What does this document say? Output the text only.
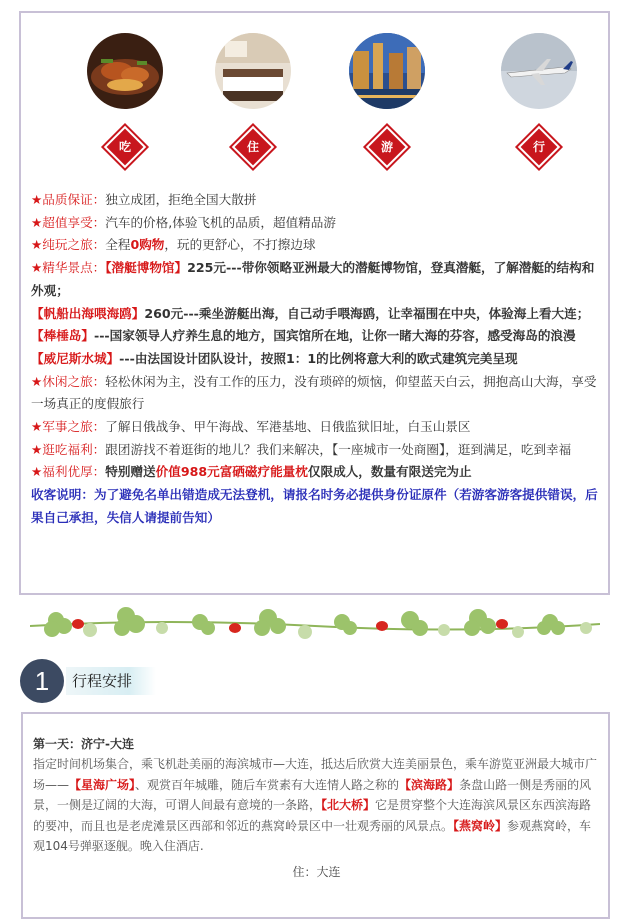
吃	住	游	行

★品质保证：独立成团，拒绝全国大散拼

★超值享受：汽车的价格,体验飞机的品质，超值精品游

★纯玩之旅：全程0购物，玩的更舒心，不打擦边球

★精华景点：【潜艇博物馆】225元---带你领略亚洲最大的潜艇博物馆，登真潜艇，了解潜艇的结构和外观；

【帆船出海喂海鸥】260元---乘坐游艇出海，自己动手喂海鸥，让幸福围在中央，体验海上看大连；

【棒棰岛】---国家领导人疗养生息的地方，国宾馆所在地，让你一睹大海的芬容，感受海岛的浪漫

【威尼斯水城】---由法国设计团队设计，按照1：1的比例将意大利的欧式建筑完美呈现

★休闲之旅：轻松休闲为主，没有工作的压力，没有琐碎的烦恼，仰望蓝天白云，拥抱高山大海，享受一场真正的度假旅行

★军事之旅：了解日俄战争、甲午海战、军港基地、日俄监狱旧址，白玉山景区

★逛吃福利：跟团游找不着逛街的地儿？我们来解决，【一座城市一处商圈】，逛到满足，吃到幸福

★福利优厚：特别赠送价值988元富硒磁疗能量枕仅限成人，数量有限送完为止

收客说明：为了避免名单出错造成无法登机，请报名时务必提供身份证原件（若游客游客提供错误，后果自己承担，失信人请提前告知）

1	行程安排
第一天：济宁-大连
指定时间机场集合，乘飞机赴美丽的海滨城市—大连，抵达后欣赏大连美丽景色，乘车游览亚洲最大城市广场——【星海广场】、观赏百年城雕，随后车赏素有大连情人路之称的【滨海路】条盘山路一侧是秀丽的风景，一侧是辽阔的大海，可谓人间最有意境的一条路，【北大桥】它是贯穿整个大连海滨风景区东西滨海路的要冲，而且也是老虎滩景区西部和邻近的燕窝岭景区中一壮观秀丽的风景点。【燕窝岭】参观燕窝岭，车观104号弹驱逐舰。晚入住酒店.
住：大连
